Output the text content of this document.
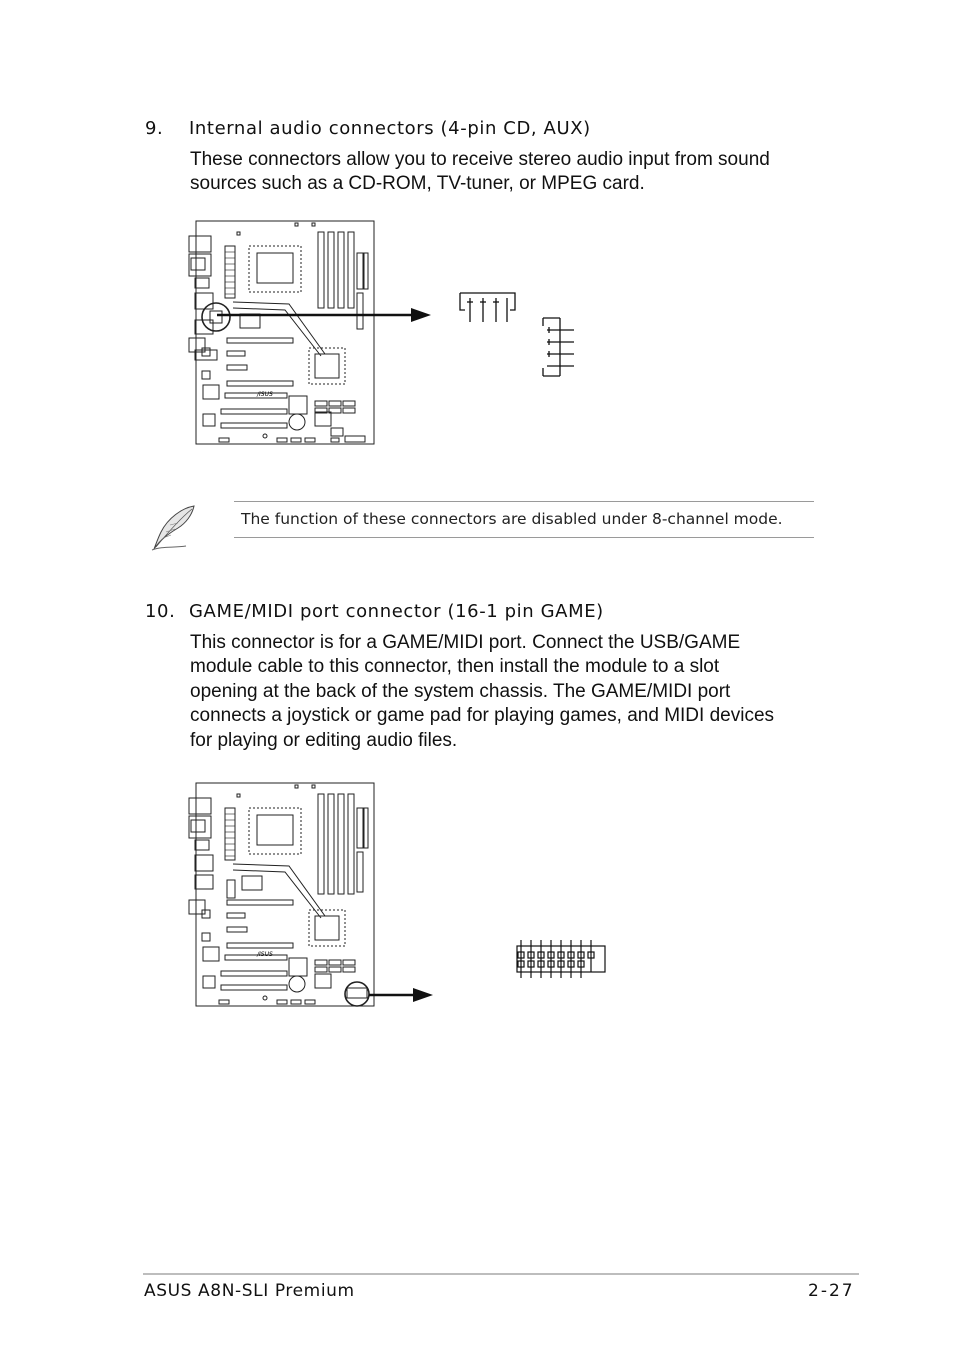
9. Internal audio connectors (4-pin CD, AUX)
These connectors allow you to receive stereo audio input from sound
sources such as a CD-ROM, TV-tuner, or MPEG card.
/ISUS
The function of these connectors are disabled under 8-channel mode.
10. GAME/MIDI port connector (16-1 pin GAME)
This connector is for a GAME/MIDI port. Connect the USB/GAME
module cable to this connector, then install the module to a slot
opening at the back of the system chassis. The GAME/MIDI port
connects a joystick or game pad for playing games, and MIDI devices
for playing or editing audio files.
/ISUS
ASUS A8N-SLI Premium	2-27
